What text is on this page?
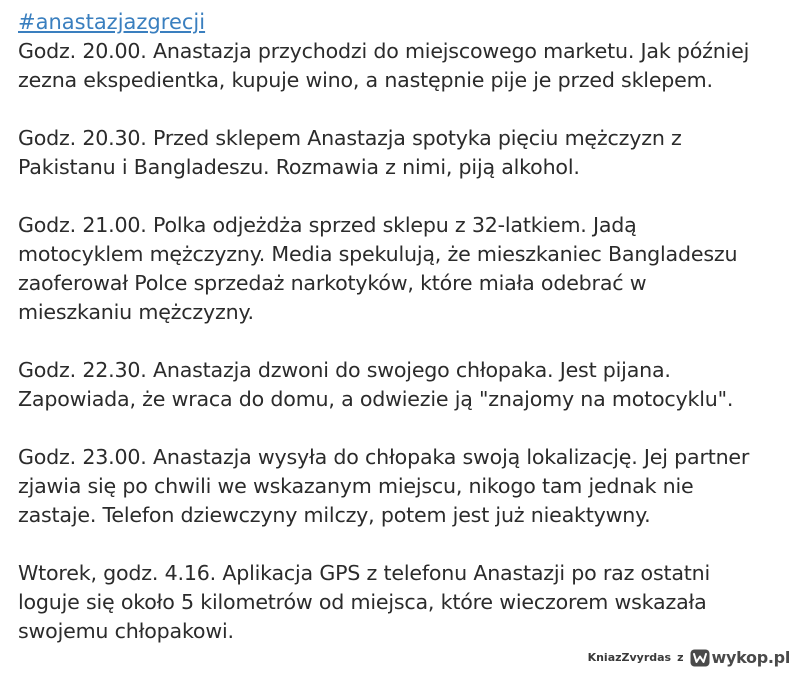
#anastazjazgrecji

Godz. 20.00. Anastazja przychodzi do miejscowego marketu. Jak później
zezna ekspedientka, kupuje wino, a następnie pije je przed sklepem.

Godz. 20.30. Przed sklepem Anastazja spotyka pięciu mężczyzn z
Pakistanu i Bangladeszu. Rozmawia z nimi, piją alkohol.

Godz. 21.00. Polka odjeżdża sprzed sklepu z 32-latkiem. Jadą
motocyklem mężczyzny. Media spekulują, że mieszkaniec Bangladeszu
zaoferował Polce sprzedaż narkotyków, które miała odebrać w
mieszkaniu mężczyzny.

Godz. 22.30. Anastazja dzwoni do swojego chłopaka. Jest pijana.
Zapowiada, że wraca do domu, a odwiezie ją "znajomy na motocyklu".

Godz. 23.00. Anastazja wysyła do chłopaka swoją lokalizację. Jej partner
zjawia się po chwili we wskazanym miejscu, nikogo tam jednak nie
zastaje. Telefon dziewczyny milczy, potem jest już nieaktywny.

Wtorek, godz. 4.16. Aplikacja GPS z telefonu Anastazji po raz ostatni
loguje się około 5 kilometrów od miejsca, które wieczorem wskazała
swojemu chłopakowi.

KniazZvyrdas z wykop.pl
